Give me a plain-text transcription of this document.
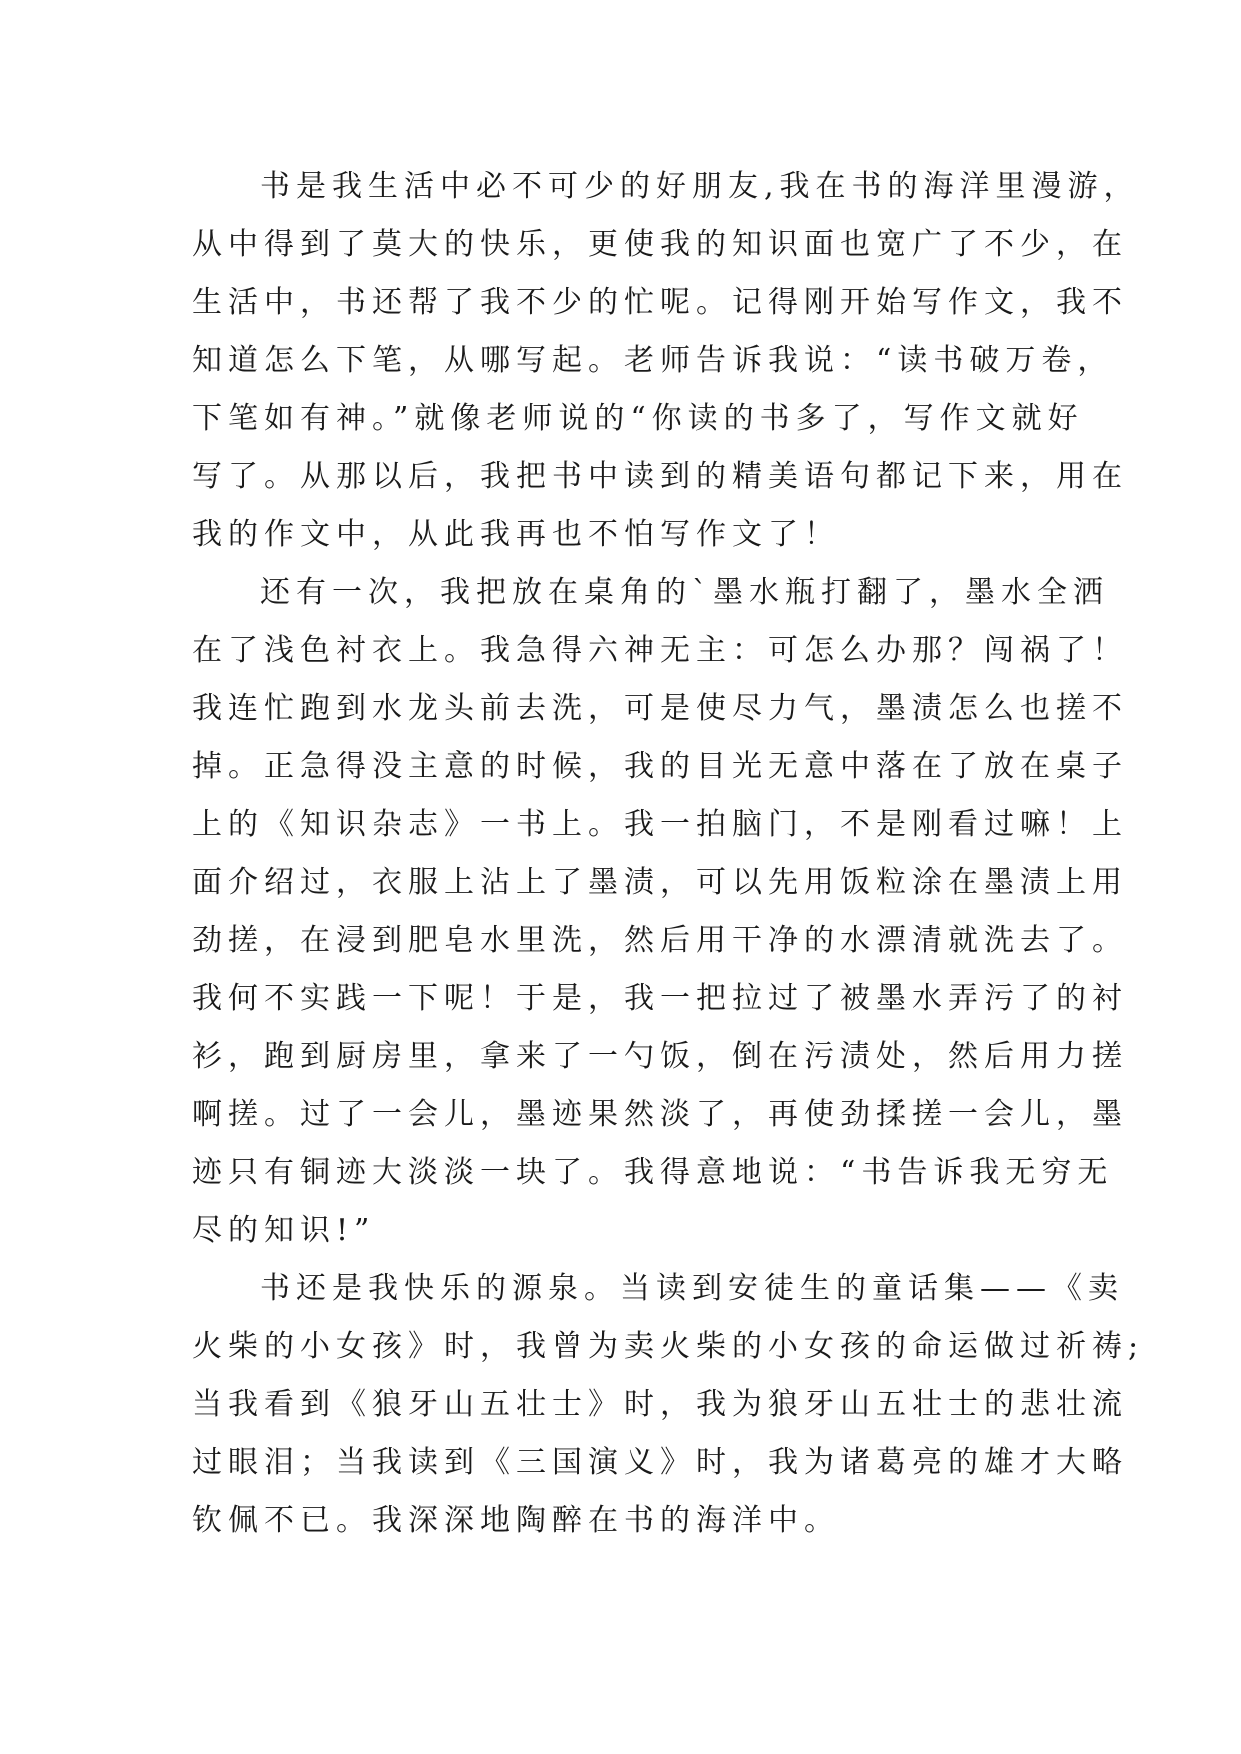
书是我生活中必不可少的好朋友,我在书的海洋里漫游，
从中得到了莫大的快乐，更使我的知识面也宽广了不少，在
生活中，书还帮了我不少的忙呢。记得刚开始写作文，我不
知道怎么下笔，从哪写起。老师告诉我说：“读书破万卷，
下笔如有神。”就像老师说的“你读的书多了，写作文就好
写了。从那以后，我把书中读到的精美语句都记下来，用在
我的作文中，从此我再也不怕写作文了！
还有一次，我把放在桌角的`墨水瓶打翻了，墨水全洒
在了浅色衬衣上。我急得六神无主：可怎么办那？闯祸了！
我连忙跑到水龙头前去洗，可是使尽力气，墨渍怎么也搓不
掉。正急得没主意的时候，我的目光无意中落在了放在桌子
上的《知识杂志》一书上。我一拍脑门，不是刚看过嘛！上
面介绍过，衣服上沾上了墨渍，可以先用饭粒涂在墨渍上用
劲搓，在浸到肥皂水里洗，然后用干净的水漂清就洗去了。
我何不实践一下呢！于是，我一把拉过了被墨水弄污了的衬
衫，跑到厨房里，拿来了一勺饭，倒在污渍处，然后用力搓
啊搓。过了一会儿，墨迹果然淡了，再使劲揉搓一会儿，墨
迹只有铜迹大淡淡一块了。我得意地说：“书告诉我无穷无
尽的知识!”
书还是我快乐的源泉。当读到安徒生的童话集——《卖
火柴的小女孩》时，我曾为卖火柴的小女孩的命运做过祈祷;
当我看到《狼牙山五壮士》时，我为狼牙山五壮士的悲壮流
过眼泪；当我读到《三国演义》时，我为诸葛亮的雄才大略
钦佩不已。我深深地陶醉在书的海洋中。
